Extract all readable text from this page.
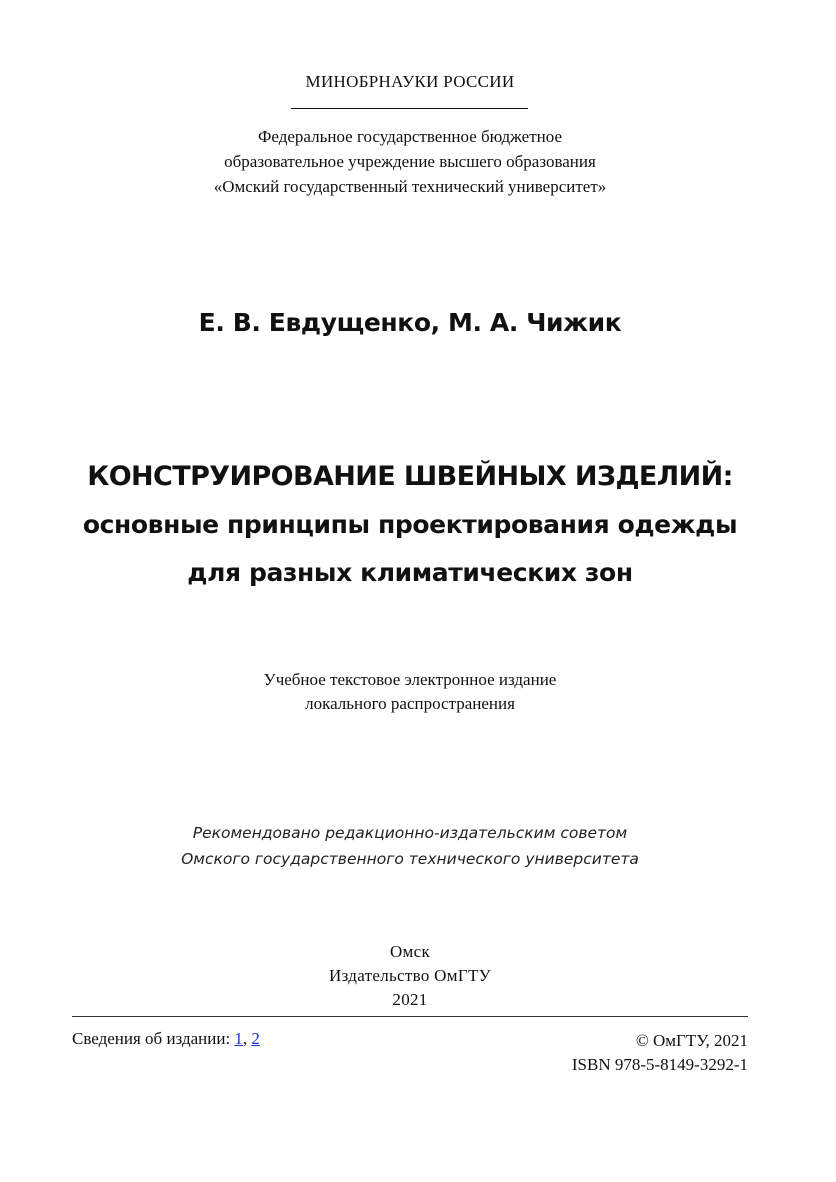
МИНОБРНАУКИ РОССИИ
Федеральное государственное бюджетное
образовательное учреждение высшего образования
«Омский государственный технический университет»
Е. В. Евдущенко, М. А. Чижик
КОНСТРУИРОВАНИЕ ШВЕЙНЫХ ИЗДЕЛИЙ:
основные принципы проектирования одежды
для разных климатических зон
Учебное текстовое электронное издание
локального распространения
Рекомендовано редакционно-издательским советом
Омского государственного технического университета
Омск
Издательство ОмГТУ
2021
Сведения об издании: 1, 2	© ОмГТУ, 2021
ISBN 978-5-8149-3292-1
